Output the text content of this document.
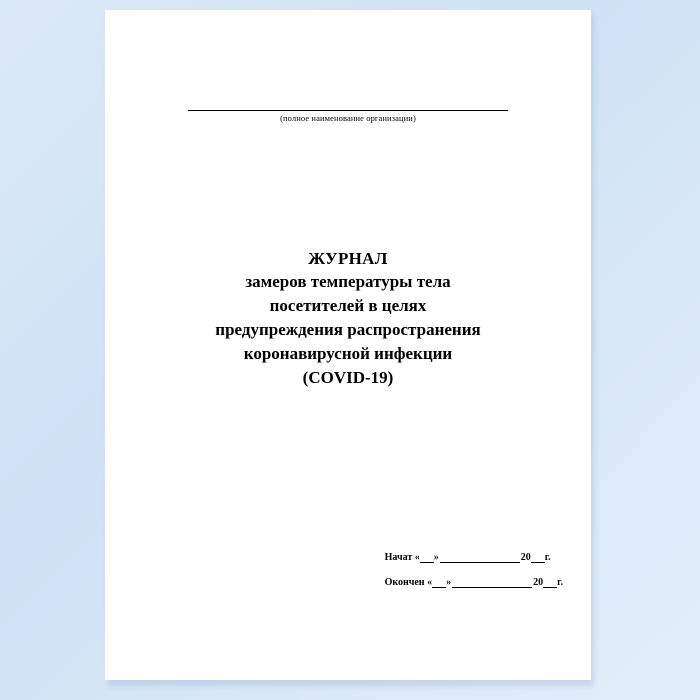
(полное наименование организации)
ЖУРНАЛ
замеров температуры тела
посетителей в целях
предупреждения распространения
коронавирусной инфекции
(COVID-19)
Начат « »	20 г.
Окончен « »	20 г.
